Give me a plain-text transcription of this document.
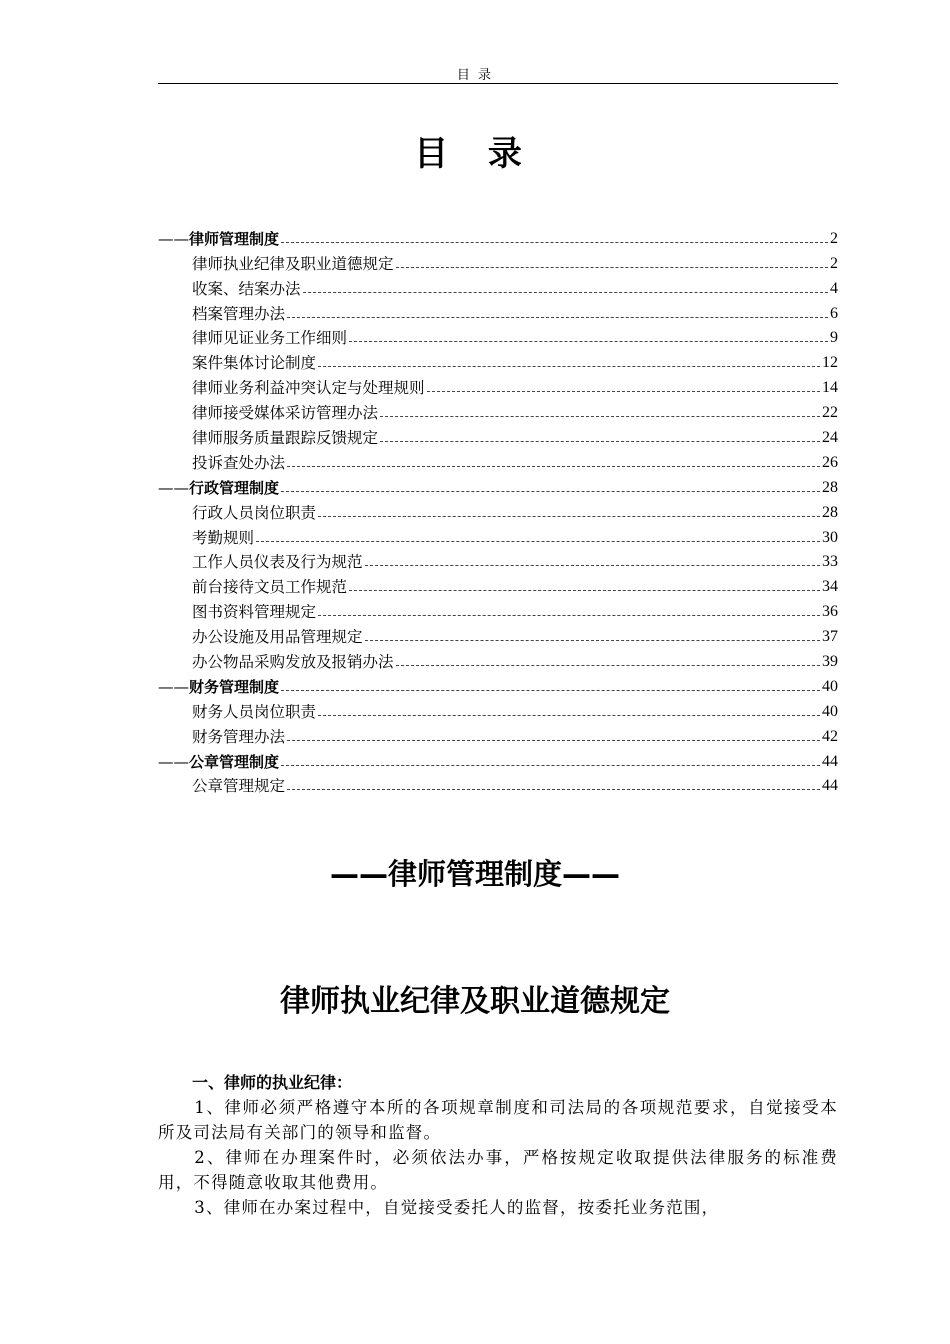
目 录
目 录
—— 律师管理制度	2
律师执业纪律及职业道德规定	2
收案、结案办法	4
档案管理办法	6
律师见证业务工作细则	9
案件集体讨论制度	12
律师业务利益冲突认定与处理规则	14
律师接受媒体采访管理办法	22
律师服务质量跟踪反馈规定	24
投诉查处办法	26
—— 行政管理制度	28
行政人员岗位职责	28
考勤规则	30
工作人员仪表及行为规范	33
前台接待文员工作规范	34
图书资料管理规定	36
办公设施及用品管理规定	37
办公物品采购发放及报销办法	39
—— 财务管理制度	40
财务人员岗位职责	40
财务管理办法	42
—— 公章管理制度	44
公章管理规定	44
——律师管理制度——
律师执业纪律及职业道德规定
一、律师的执业纪律：

1、律师必须严格遵守本所的各项规章制度和司法局的各项规范要求，自觉接受本所及司法局有关部门的领导和监督。

2、律师在办理案件时，必须依法办事，严格按规定收取提供法律服务的标准费用，不得随意收取其他费用。

3、律师在办案过程中，自觉接受委托人的监督，按委托业务范围，
